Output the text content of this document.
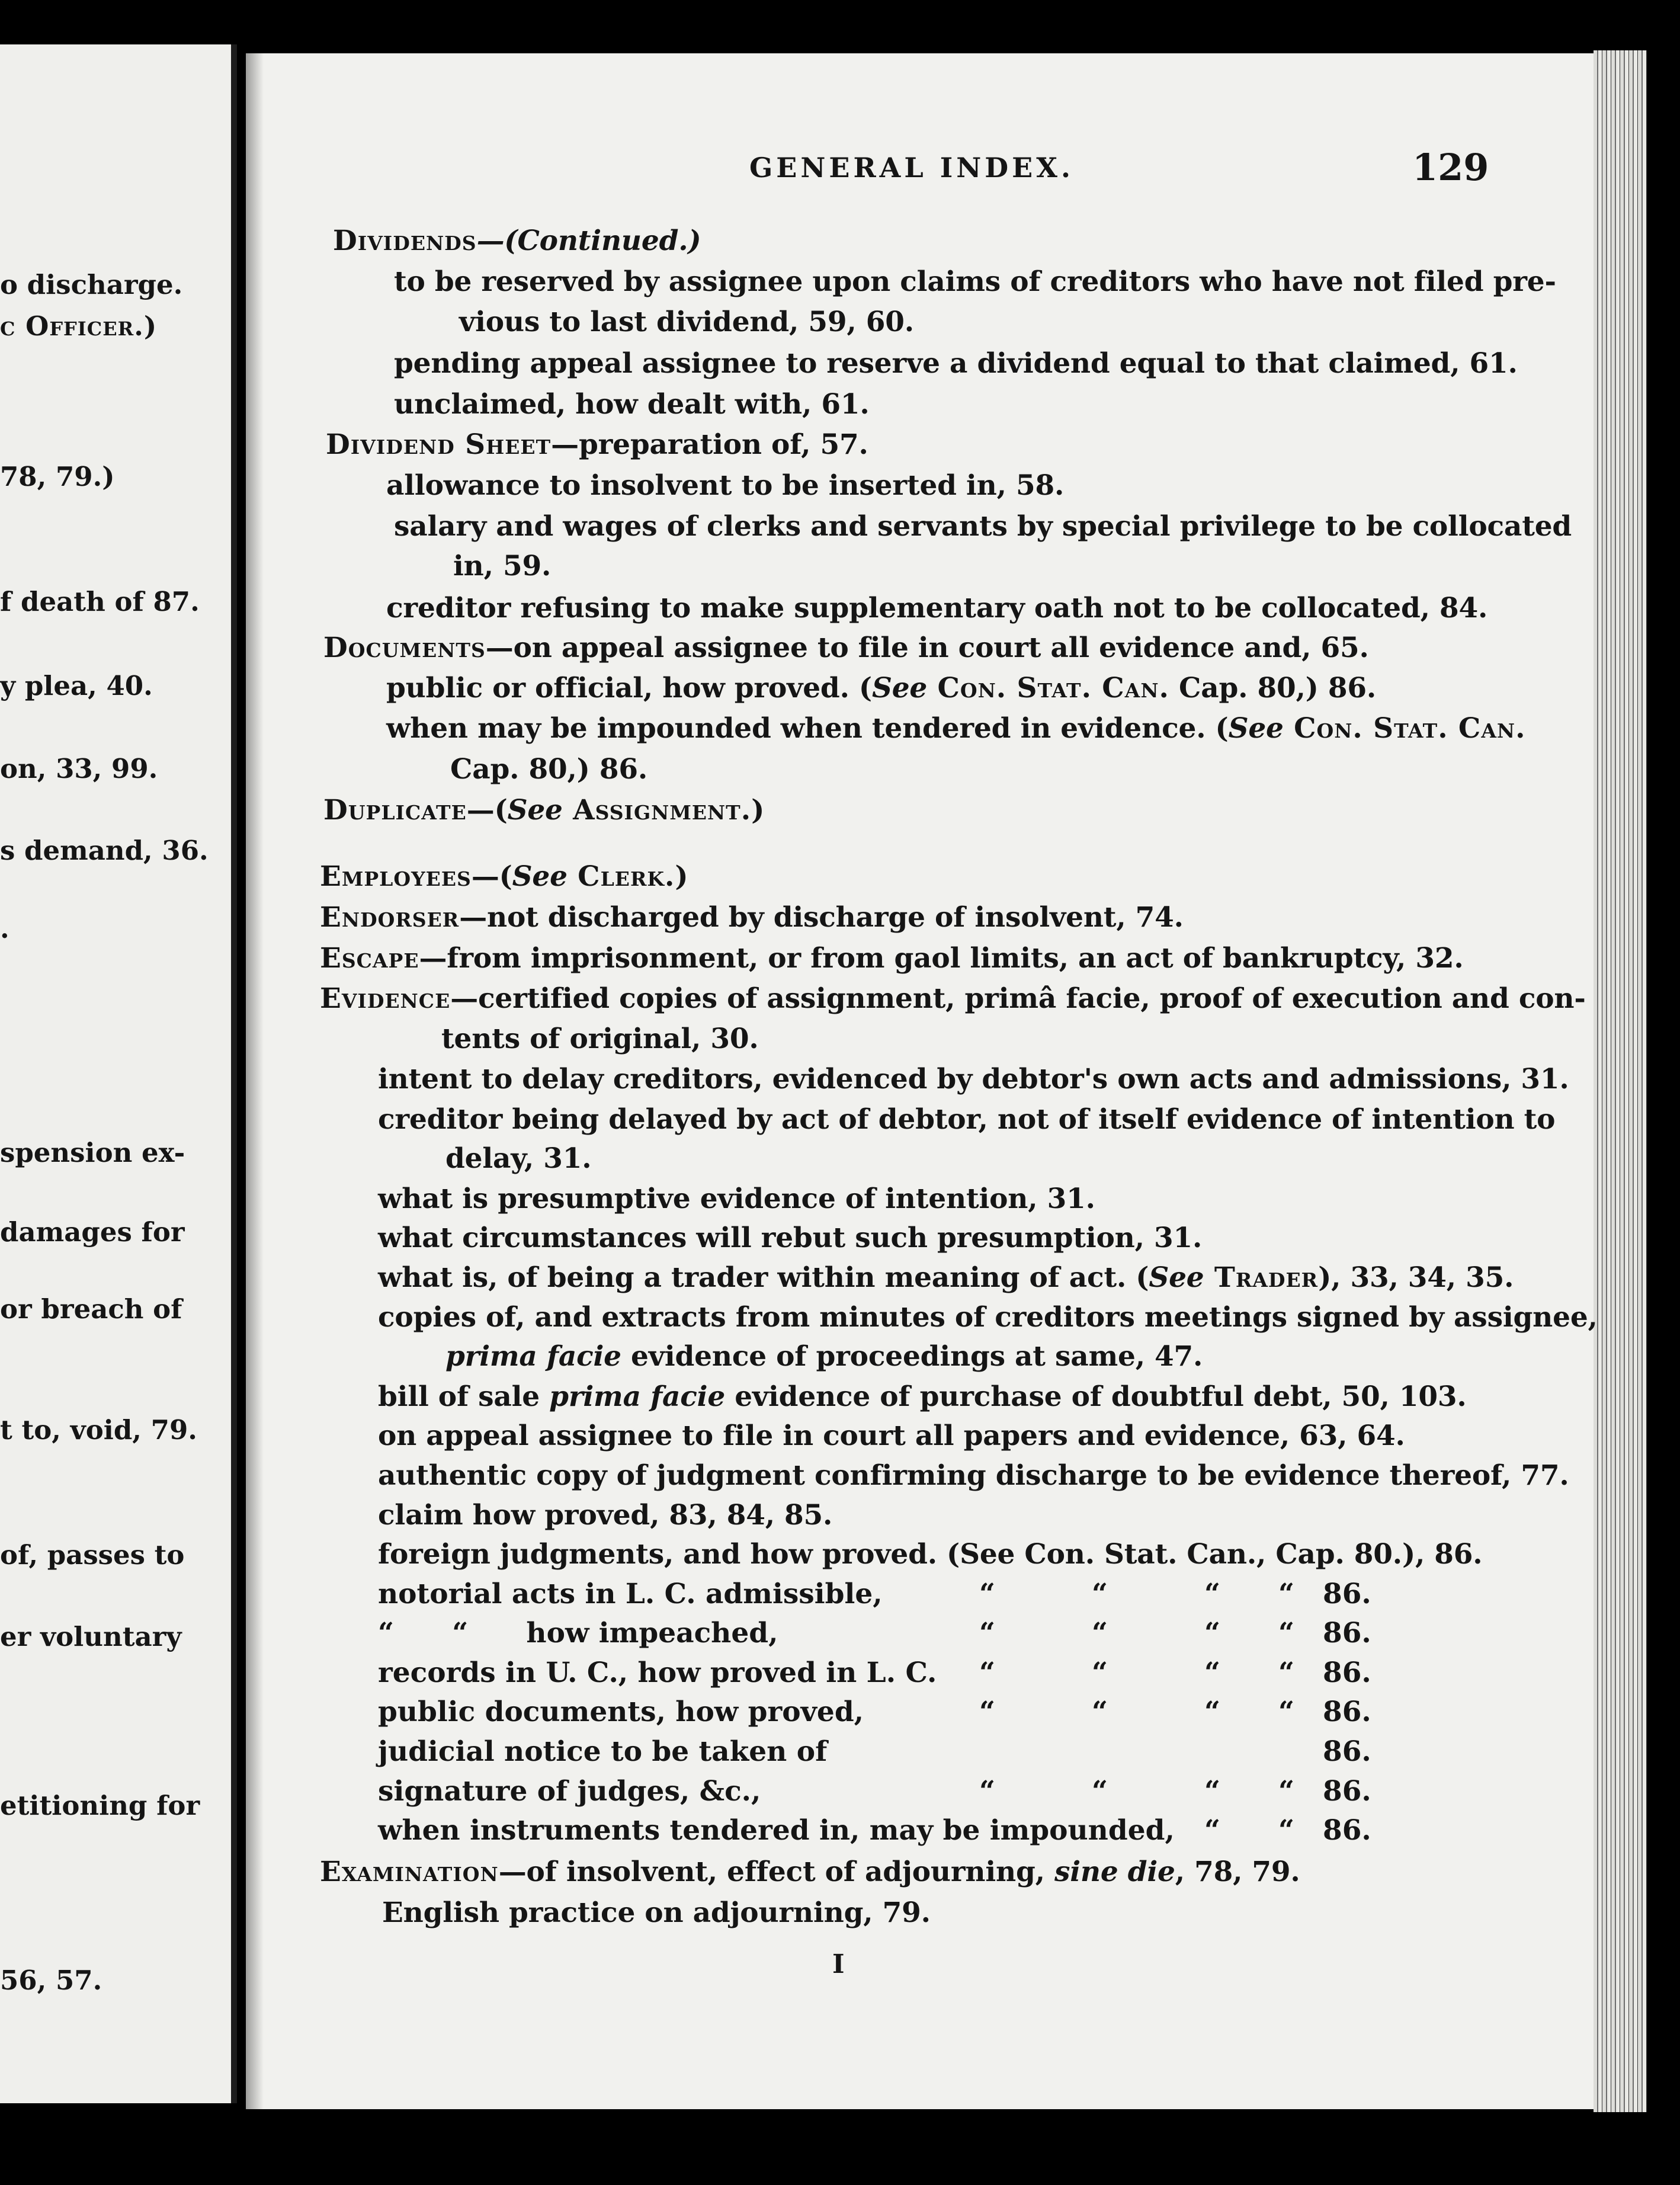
o discharge.
c Officer.)
78, 79.)
f death of 87.
y plea, 40.
on, 33, 99.
s demand, 36.
.
spension ex-
damages for
or breach of
t to, void, 79.
of, passes to
er voluntary
etitioning for
56, 57.
GENERAL INDEX.	129
Dividends—(Continued.)
to be reserved by assignee upon claims of creditors who have not filed pre-
vious to last dividend, 59, 60.
pending appeal assignee to reserve a dividend equal to that claimed, 61.
unclaimed, how dealt with, 61.
Dividend Sheet—preparation of, 57.
allowance to insolvent to be inserted in, 58.
salary and wages of clerks and servants by special privilege to be collocated
in, 59.
creditor refusing to make supplementary oath not to be collocated, 84.
Documents—on appeal assignee to file in court all evidence and, 65.
public or official, how proved. (See Con. Stat. Can. Cap. 80,) 86.
when may be impounded when tendered in evidence. (See Con. Stat. Can.
Cap. 80,) 86.
Duplicate—(See Assignment.)
Employees—(See Clerk.)
Endorser—not discharged by discharge of insolvent, 74.
Escape—from imprisonment, or from gaol limits, an act of bankruptcy, 32.
Evidence—certified copies of assignment, primâ facie, proof of execution and con-
tents of original, 30.
intent to delay creditors, evidenced by debtor's own acts and admissions, 31.
creditor being delayed by act of debtor, not of itself evidence of intention to
delay, 31.
what is presumptive evidence of intention, 31.
what circumstances will rebut such presumption, 31.
what is, of being a trader within meaning of act. (See Trader), 33, 34, 35.
copies of, and extracts from minutes of creditors meetings signed by assignee,
prima facie evidence of proceedings at same, 47.
bill of sale prima facie evidence of purchase of doubtful debt, 50, 103.
on appeal assignee to file in court all papers and evidence, 63, 64.
authentic copy of judgment confirming discharge to be evidence thereof, 77.
claim how proved, 83, 84, 85.
foreign judgments, and how proved. (See Con. Stat. Can., Cap. 80.), 86.
notorial acts in L. C. admissible,	“	“	“ “ 86.
“      “      how impeached,	“	“	“ “ 86.
records in U. C., how proved in L. C. “	“	“ “ 86.
public documents, how proved,	“	“	“ “ 86.
judicial notice to be taken of	86.
signature of judges, &c.,	“	“	“ “ 86.
when instruments tendered in, may be impounded, “ “ 86.
Examination—of insolvent, effect of adjourning, sine die, 78, 79.
English practice on adjourning, 79.
I
